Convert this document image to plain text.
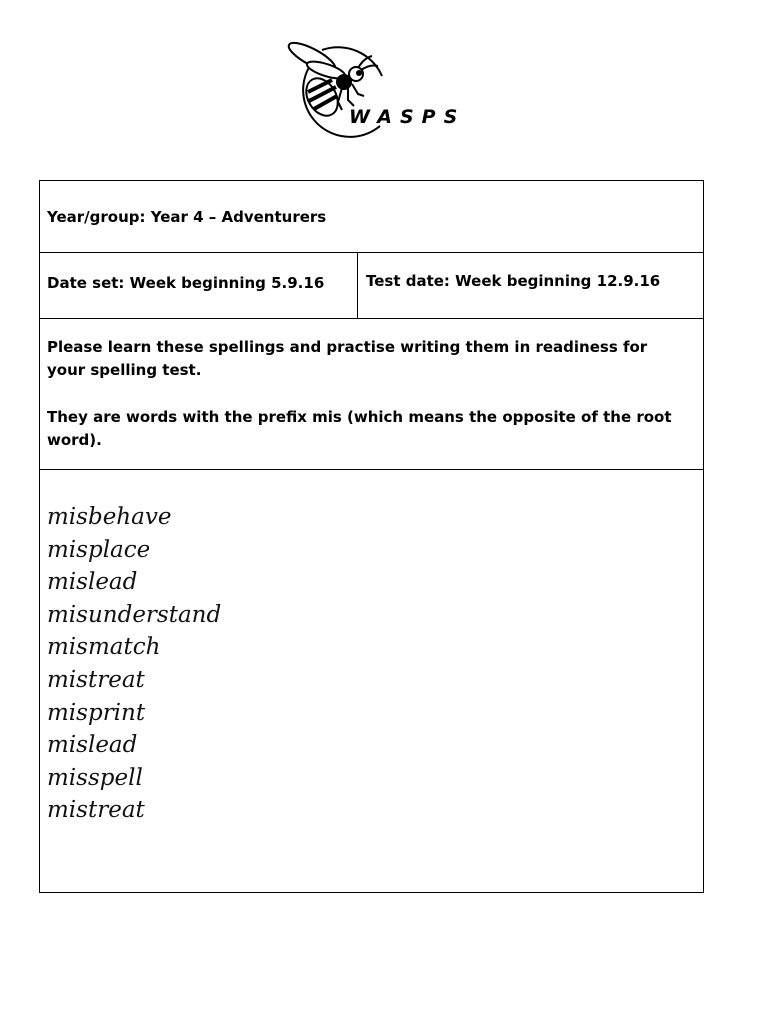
WASPS
Year/group: Year 4 – Adventurers
Date set: Week beginning 5.9.16	Test date: Week beginning 12.9.16

Please learn these spellings and practise writing them in readiness for your spelling test.

They are words with the prefix mis (which means the opposite of the root word).

misbehave
misplace
mislead
misunderstand
mismatch
mistreat
misprint
mislead
misspell
mistreat
